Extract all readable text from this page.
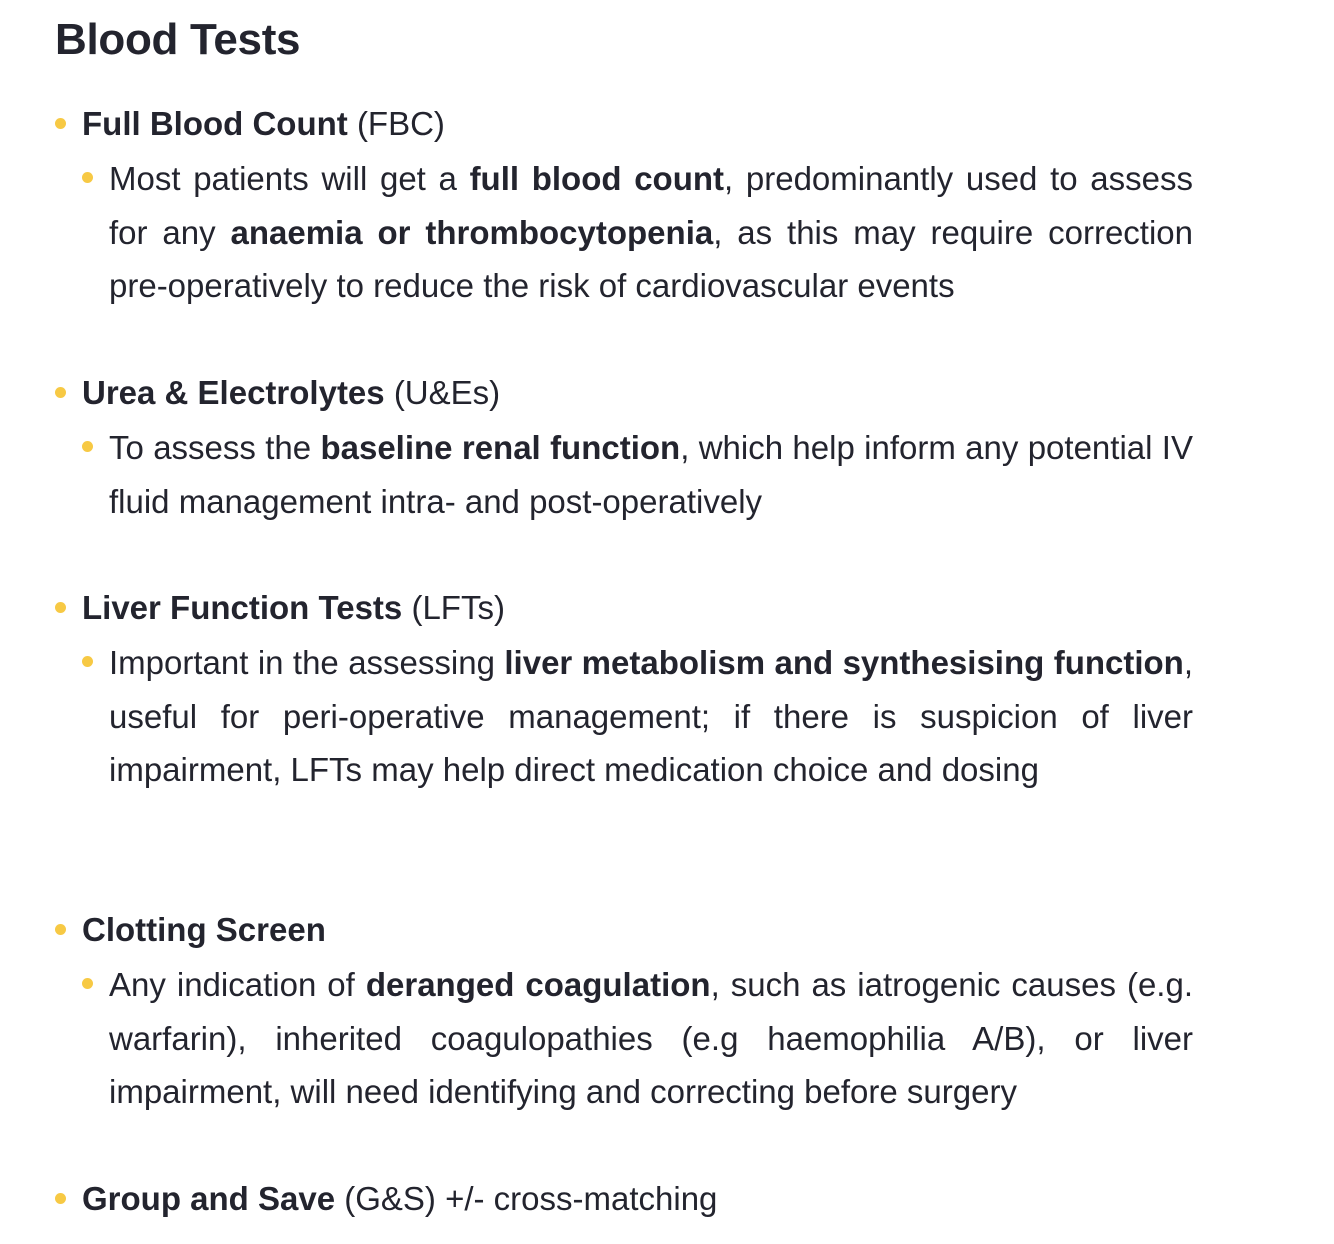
Blood Tests
Full Blood Count (FBC)
Most patients will get a full blood count, predominantly used to assess for any anaemia or thrombocytopenia, as this may require correction pre-operatively to reduce the risk of cardiovascular events
Urea & Electrolytes (U&Es)
To assess the baseline renal function, which help inform any potential IV fluid management intra- and post-operatively
Liver Function Tests (LFTs)
Important in the assessing liver metabolism and synthesising function, useful for peri-operative management; if there is suspicion of liver impairment, LFTs may help direct medication choice and dosing
Clotting Screen
Any indication of deranged coagulation, such as iatrogenic causes (e.g. warfarin), inherited coagulopathies (e.g haemophilia A/B), or liver impairment, will need identifying and correcting before surgery
Group and Save (G&S) +/- cross-matching
